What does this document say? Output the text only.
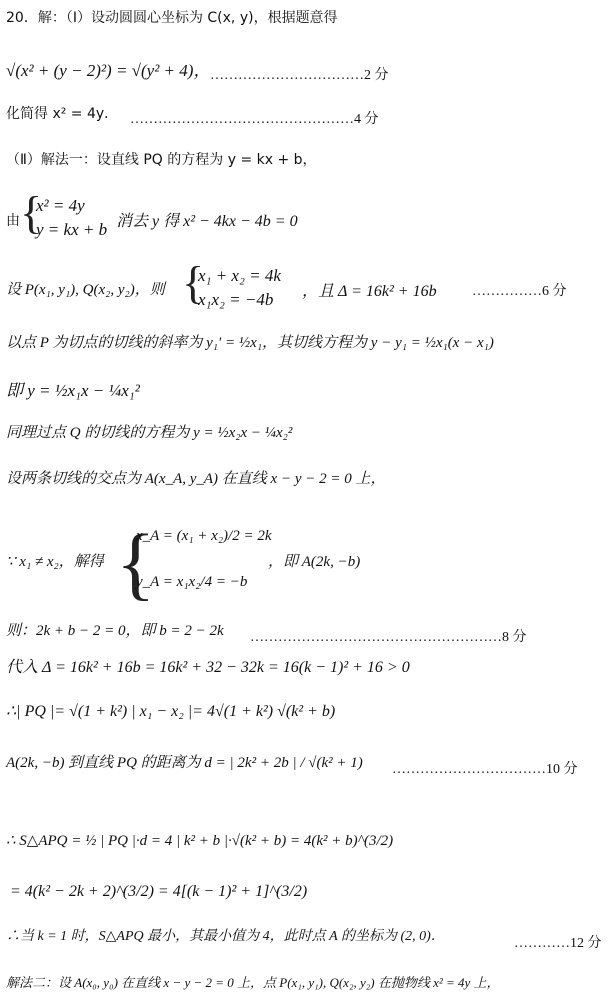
20．解：（Ⅰ）设动圆圆心坐标为 C(x, y)，根据题意得
√(x² + (y − 2)²) = √(y² + 4)， ……………………………2 分
化简得 x² = 4y． …………………………………………4 分
（Ⅱ）解法一：设直线 PQ 的方程为 y = kx + b，
由 {
x² = 4y
y = kx + b 消去 y 得 x² − 4kx − 4b = 0
设 P(x₁, y₁), Q(x₂, y₂)，则 {
x₁ + x₂ = 4k
x₁x₂ = −4b ，且 Δ = 16k² + 16b	……………6 分
以点 P 为切点的切线的斜率为 y₁′ = ½x₁，其切线方程为 y − y₁ = ½x₁(x − x₁)
即 y = ½x₁x − ¼x₁²
同理过点 Q 的切线的方程为 y = ½x₂x − ¼x₂²
设两条切线的交点为 A(x_A, y_A) 在直线 x − y − 2 = 0 上，
∵ x₁ ≠ x₂，解得 {
x_A = (x₁ + x₂)/2 = 2k
y_A = x₁x₂/4 = −b
，即 A(2k, −b)
则：2k + b − 2 = 0，即 b = 2 − 2k ………………………………………………8 分
代入 Δ = 16k² + 16b = 16k² + 32 − 32k = 16(k − 1)² + 16 > 0
∴| PQ |= √(1 + k²) | x₁ − x₂ |= 4√(1 + k²) √(k² + b)
A(2k, −b) 到直线 PQ 的距离为 d = | 2k² + 2b | / √(k² + 1) ……………………………10 分
∴ S△APQ = ½ | PQ |·d = 4 | k² + b |·√(k² + b) = 4(k² + b)^(3/2)
= 4(k² − 2k + 2)^(3/2) = 4[(k − 1)² + 1]^(3/2)
∴当 k = 1 时，S△APQ 最小，其最小值为 4，此时点 A 的坐标为 (2, 0)．	…………12 分
解法二：设 A(x₀, y₀) 在直线 x − y − 2 = 0 上，点 P(x₁, y₁), Q(x₂, y₂) 在抛物线 x² = 4y 上，
